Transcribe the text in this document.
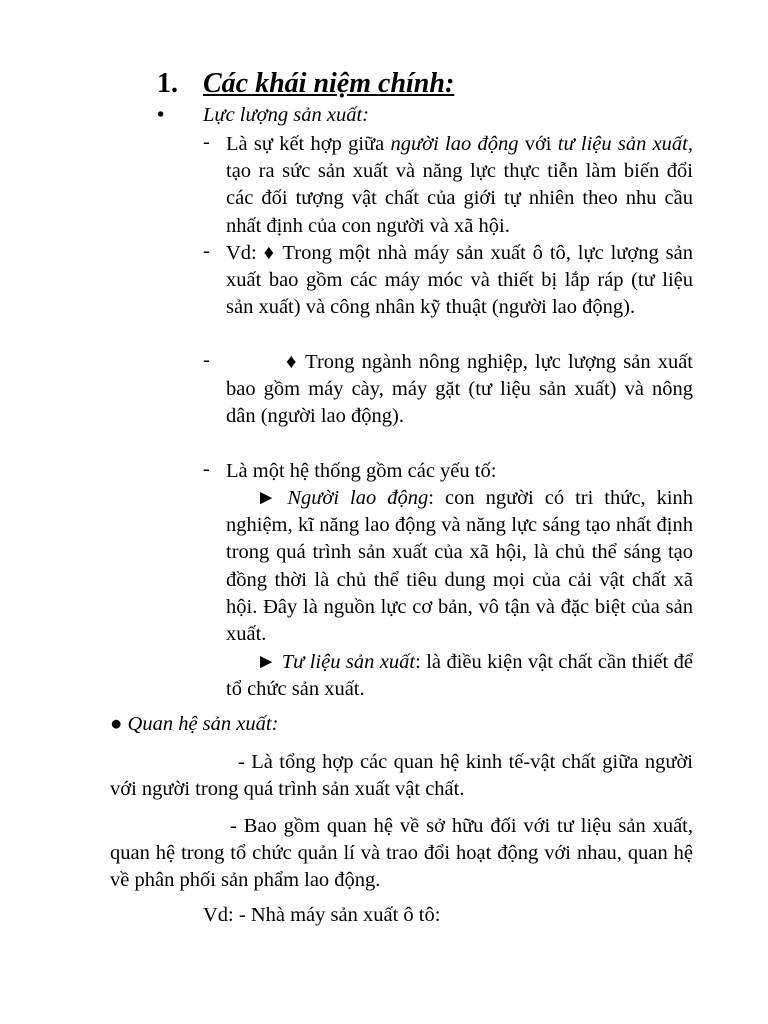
1. Các khái niệm chính:
• Lực lượng sản xuất:
- Là sự kết hợp giữa người lao động với tư liệu sản xuất, tạo ra sức sản xuất và năng lực thực tiễn làm biến đổi các đối tượng vật chất của giới tự nhiên theo nhu cầu nhất định của con người và xã hội.
- Vd: ♦ Trong một nhà máy sản xuất ô tô, lực lượng sản xuất bao gồm các máy móc và thiết bị lắp ráp (tư liệu sản xuất) và công nhân kỹ thuật (người lao động).
-	♦ Trong ngành nông nghiệp, lực lượng sản xuất bao gồm máy cày, máy gặt (tư liệu sản xuất) và nông dân (người lao động).
- Là một hệ thống gồm các yếu tố:
► Người lao động: con người có tri thức, kinh nghiệm, kĩ năng lao động và năng lực sáng tạo nhất định trong quá trình sản xuất của xã hội, là chủ thể sáng tạo đồng thời là chủ thể tiêu dung mọi của cải vật chất xã hội. Đây là nguồn lực cơ bản, vô tận và đặc biệt của sản xuất.
► Tư liệu sản xuất: là điều kiện vật chất cần thiết để tổ chức sản xuất.
● Quan hệ sản xuất:
- Là tổng hợp các quan hệ kinh tế-vật chất giữa người với người trong quá trình sản xuất vật chất.
- Bao gồm quan hệ về sở hữu đối với tư liệu sản xuất, quan hệ trong tổ chức quản lí và trao đổi hoạt động với nhau, quan hệ về phân phối sản phẩm lao động.
Vd: - Nhà máy sản xuất ô tô:
